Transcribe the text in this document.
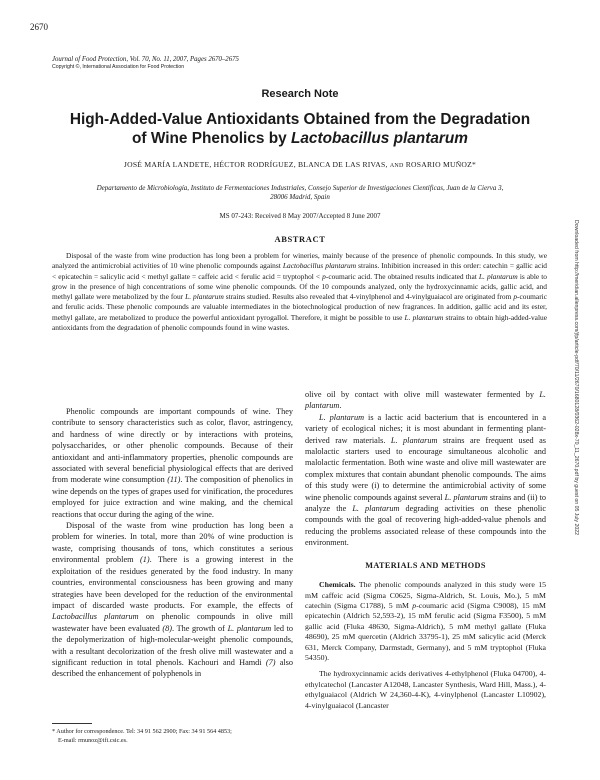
2670
Journal of Food Protection, Vol. 70, No. 11, 2007, Pages 2670–2675
Copyright ©, International Association for Food Protection
Research Note
High-Added-Value Antioxidants Obtained from the Degradation
of Wine Phenolics by Lactobacillus plantarum
JOSÉ MARÍA LANDETE, HÉCTOR RODRÍGUEZ, BLANCA DE LAS RIVAS, AND ROSARIO MUÑOZ*
Departamento de Microbiología, Instituto de Fermentaciones Industriales, Consejo Superior de Investigaciones Científicas, Juan de la Cierva 3,
28006 Madrid, Spain
MS 07-243: Received 8 May 2007/Accepted 8 June 2007
ABSTRACT

Disposal of the waste from wine production has long been a problem for wineries, mainly because of the presence of phenolic compounds. In this study, we analyzed the antimicrobial activities of 10 wine phenolic compounds against Lactobacillus plantarum strains. Inhibition increased in this order: catechin = gallic acid < epicatechin = salicylic acid < methyl gallate = caffeic acid < ferulic acid = tryptophol < p-coumaric acid. The obtained results indicated that L. plantarum is able to grow in the presence of high concentrations of some wine phenolic compounds. Of the 10 compounds analyzed, only the hydroxycinnamic acids, gallic acid, and methyl gallate were metabolized by the four L. plantarum strains studied. Results also revealed that 4-vinylphenol and 4-vinylguaiacol are originated from p-coumaric and ferulic acids. These phenolic compounds are valuable intermediates in the biotechnological production of new fragrances. In addition, gallic acid and its ester, methyl gallate, are metabolized to produce the powerful antioxidant pyrogallol. Therefore, it might be possible to use L. plantarum strains to obtain high-added-value antioxidants from the degradation of phenolic compounds found in wine wastes.

Phenolic compounds are important compounds of wine. They contribute to sensory characteristics such as color, flavor, astringency, and hardness of wine directly or by interactions with proteins, polysaccharides, or other phenolic compounds. Because of their antioxidant and anti-inflammatory properties, phenolic compounds are associated with several beneficial physiological effects that are derived from moderate wine consumption (11). The composition of phenolics in wine depends on the types of grapes used for vinification, the procedures employed for juice extraction and wine making, and the chemical reactions that occur during the aging of the wine.

Disposal of the waste from wine production has long been a problem for wineries. In total, more than 20% of wine production is waste, comprising thousands of tons, which constitutes a serious environmental problem (1). There is a growing interest in the exploitation of the residues generated by the food industry. In many countries, environmental consciousness has been growing and many strategies have been developed for the reduction of the environmental impact of discarded waste products. For example, the effects of Lactobacillus plantarum on phenolic compounds in olive mill wastewater have been evaluated (8). The growth of L. plantarum led to the depolymerization of high-molecular-weight phenolic compounds, with a resultant decolorization of the fresh olive mill wastewater and a significant reduction in total phenols. Kachouri and Hamdi (7) also described the enhancement of polyphenols in

olive oil by contact with olive mill wastewater fermented by L. plantarum.

L. plantarum is a lactic acid bacterium that is encountered in a variety of ecological niches; it is most abundant in fermenting plant-derived raw materials. L. plantarum strains are frequent used as malolactic starters used to encourage simultaneous alcoholic and malolactic fermentation. Both wine waste and olive mill wastewater are complex mixtures that contain abundant phenolic compounds. The aims of this study were (i) to determine the antimicrobial activity of some wine phenolic compounds against several L. plantarum strains and (ii) to analyze the L. plantarum degrading activities on these phenolic compounds with the goal of recovering high-added-value phenols and reducing the problems associated release of these compounds into the environment.

MATERIALS AND METHODS

Chemicals. The phenolic compounds analyzed in this study were 15 mM caffeic acid (Sigma C0625, Sigma-Aldrich, St. Louis, Mo.), 5 mM catechin (Sigma C1788), 5 mM p-coumaric acid (Sigma C9008), 15 mM epicatechin (Aldrich 52,593-2), 15 mM ferulic acid (Sigma F3500), 5 mM gallic acid (Fluka 48630, Sigma-Aldrich), 5 mM methyl gallate (Fluka 48690), 25 mM quercetin (Aldrich 33795-1), 25 mM salicylic acid (Merck 631, Merck Company, Darmstadt, Germany), and 5 mM tryptophol (Fluka 54350).

The hydroxycinnamic acids derivatives 4-ethylphenol (Fluka 04700), 4-ethylcatechol (Lancaster A12048, Lancaster Synthesis, Ward Hill, Mass.), 4-ethylguaiacol (Aldrich W 24,360-4-K), 4-vinylphenol (Lancaster L10902), 4-vinylguaiacol (Lancaster

* Author for correspondence. Tel: 34 91 562 2900; Fax: 34 91 564 4853;
E-mail: rmunoz@ifi.csic.es.
Downloaded from http://meridian.allenpress.com/jfp/article-pdf/70/11/2670/1680128/0362-028x-70_11_2670.pdf by guest on 05 July 2022
